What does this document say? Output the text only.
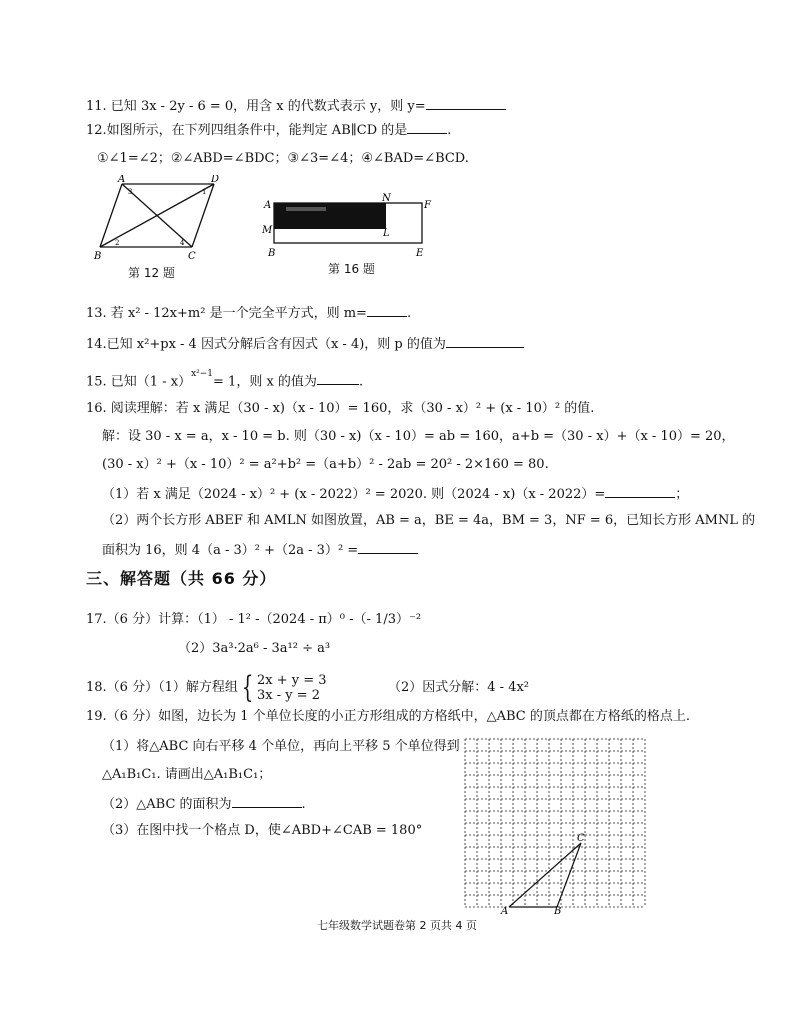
11. 已知 3x - 2y - 6 = 0，用含 x 的代数式表示 y，则 y=
12.如图所示，在下列四组条件中，能判定 AB∥CD 的是	.
①∠1=∠2；②∠ABD=∠BDC；③∠3=∠4；④∠BAD=∠BCD.
A	D
B	C
3	1
2	4
第 12 题
A
N
F
M	L
B	E
第 16 题
13. 若 x² - 12x+m² 是一个完全平方式，则 m=	.
14.已知 x²+px - 4 因式分解后含有因式（x - 4)，则 p 的值为
15. 已知（1 - x）$^{x^2-1}$= 1，则 x 的值为	.
16. 阅读理解：若 x 满足（30 - x)（x - 10）= 160，求（30 - x）² + (x - 10）² 的值.
解：设 30 - x = a，x - 10 = b. 则（30 - x)（x - 10）= ab = 160，a+b =（30 - x）+（x - 10）= 20，
(30 - x）² +（x - 10）² = a²+b² =（a+b）² - 2ab = 20² - 2×160 = 80.
（1）若 x 满足（2024 - x）² + (x - 2022）² = 2020. 则（2024 - x)（x - 2022）=	；
（2）两个长方形 ABEF 和 AMLN 如图放置，AB = a，BE = 4a，BM = 3，NF = 6，已知长方形 AMNL 的
面积为 16，则 4（a - 3）² +（2a - 3）² =
三、解答题（共 66 分）
17.（6 分）计算：（1） - 1² -（2024 - π）⁰ -（- 1/3）⁻²
（2）3a³·2a⁶ - 3a¹² ÷ a³
18.（6 分）（1）解方程组 { 2x + y = 3
3x - y = 2	（2）因式分解：4 - 4x²
19.（6 分）如图，边长为 1 个单位长度的小正方形组成的方格纸中，△ABC 的顶点都在方格纸的格点上.
（1）将△ABC 向右平移 4 个单位，再向上平移 5 个单位得到
△A₁B₁C₁. 请画出△A₁B₁C₁；
（2）△ABC 的面积为	.
（3）在图中找一个格点 D，使∠ABD+∠CAB = 180°
A	B
C
七年级数学试题卷第 2 页共 4 页
